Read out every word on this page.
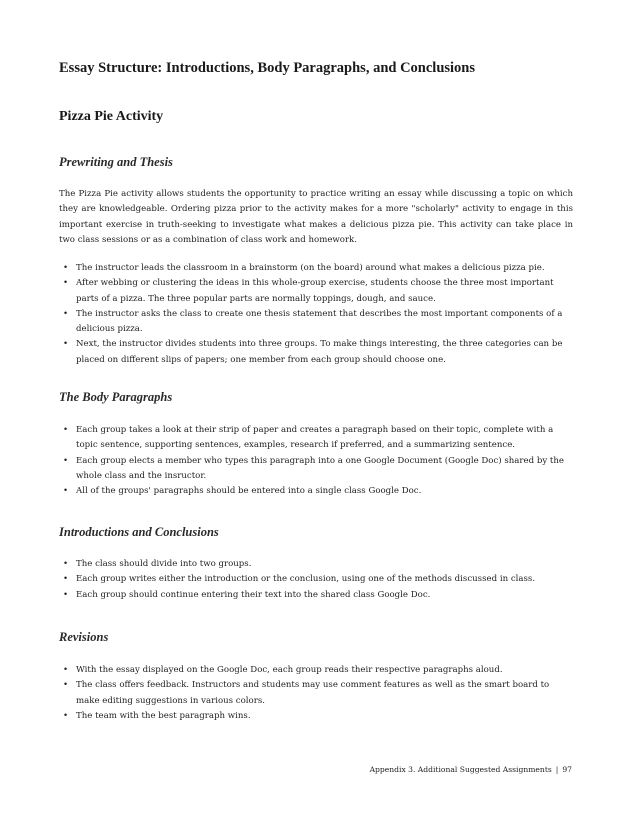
Essay Structure: Introductions, Body Paragraphs, and Conclusions
Pizza Pie Activity
Prewriting and Thesis

The Pizza Pie activity allows students the opportunity to practice writing an essay while discussing a topic on which they are knowledgeable. Ordering pizza prior to the activity makes for a more "scholarly" activity to engage in this important exercise in truth-seeking to investigate what makes a delicious pizza pie. This activity can take place in two class sessions or as a combination of class work and homework.

• The instructor leads the classroom in a brainstorm (on the board) around what makes a delicious pizza pie.
• After webbing or clustering the ideas in this whole-group exercise, students choose the three most important parts of a pizza. The three popular parts are normally toppings, dough, and sauce.
• The instructor asks the class to create one thesis statement that describes the most important components of a delicious pizza.
• Next, the instructor divides students into three groups. To make things interesting, the three categories can be placed on different slips of papers; one member from each group should choose one.
The Body Paragraphs
• Each group takes a look at their strip of paper and creates a paragraph based on their topic, complete with a topic sentence, supporting sentences, examples, research if preferred, and a summarizing sentence.
• Each group elects a member who types this paragraph into a one Google Document (Google Doc) shared by the whole class and the insructor.
• All of the groups' paragraphs should be entered into a single class Google Doc.
Introductions and Conclusions
• The class should divide into two groups.
• Each group writes either the introduction or the conclusion, using one of the methods discussed in class.
• Each group should continue entering their text into the shared class Google Doc.
Revisions
• With the essay displayed on the Google Doc, each group reads their respective paragraphs aloud.
• The class offers feedback. Instructors and students may use comment features as well as the smart board to make editing suggestions in various colors.
• The team with the best paragraph wins.
Appendix 3. Additional Suggested Assignments | 97
